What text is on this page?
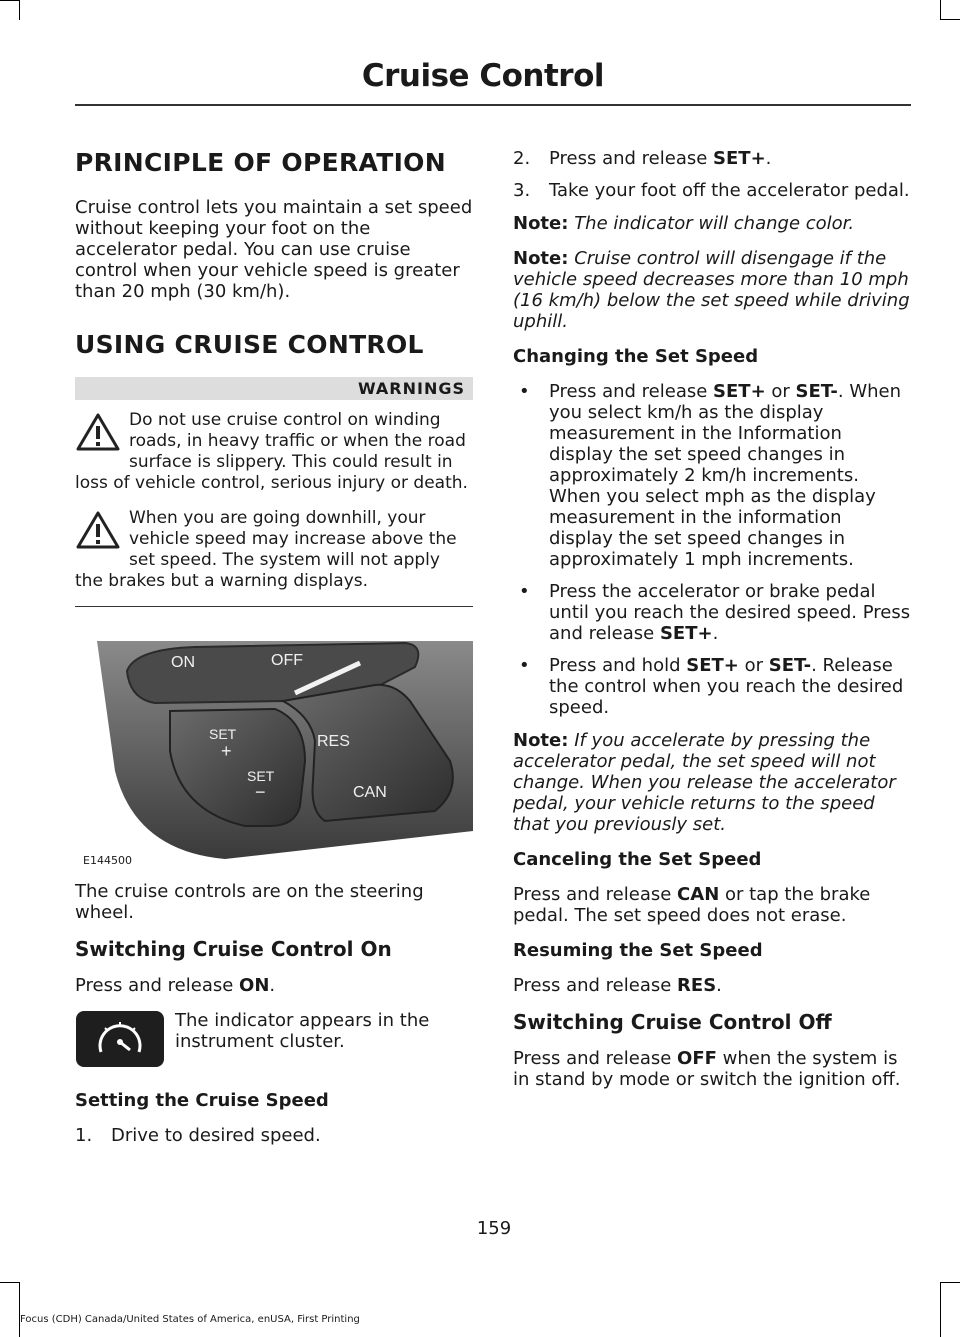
Cruise Control
PRINCIPLE OF OPERATION

Cruise control lets you maintain a set speed without keeping your foot on the accelerator pedal. You can use cruise control when your vehicle speed is greater than 20 mph (30 km/h).

USING CRUISE CONTROL
WARNINGS
Do not use cruise control on winding roads, in heavy traffic or when the road surface is slippery. This could result in loss of vehicle control, serious injury or death.
When you are going downhill, your vehicle speed may increase above the set speed. The system will not apply the brakes but a warning displays.
ON	OFF
SET
+
SET
−
RES
CAN
E144500

The cruise controls are on the steering wheel.

Switching Cruise Control On

Press and release ON.

The indicator appears in the instrument cluster.

Setting the Cruise Speed
1. Drive to desired speed.
2. Press and release SET+.
3. Take your foot off the accelerator pedal.

Note: The indicator will change color.

Note: Cruise control will disengage if the vehicle speed decreases more than 10 mph (16 km/h) below the set speed while driving uphill.

Changing the Set Speed
• Press and release SET+ or SET-. When you select km/h as the display measurement in the Information display the set speed changes in approximately 2 km/h increments. When you select mph as the display measurement in the information display the set speed changes in approximately 1 mph increments.
• Press the accelerator or brake pedal until you reach the desired speed. Press and release SET+.
• Press and hold SET+ or SET-. Release the control when you reach the desired speed.

Note: If you accelerate by pressing the accelerator pedal, the set speed will not change. When you release the accelerator pedal, your vehicle returns to the speed that you previously set.

Canceling the Set Speed

Press and release CAN or tap the brake pedal. The set speed does not erase.

Resuming the Set Speed

Press and release RES.

Switching Cruise Control Off

Press and release OFF when the system is in stand by mode or switch the ignition off.

159
Focus (CDH) Canada/United States of America, enUSA, First Printing
